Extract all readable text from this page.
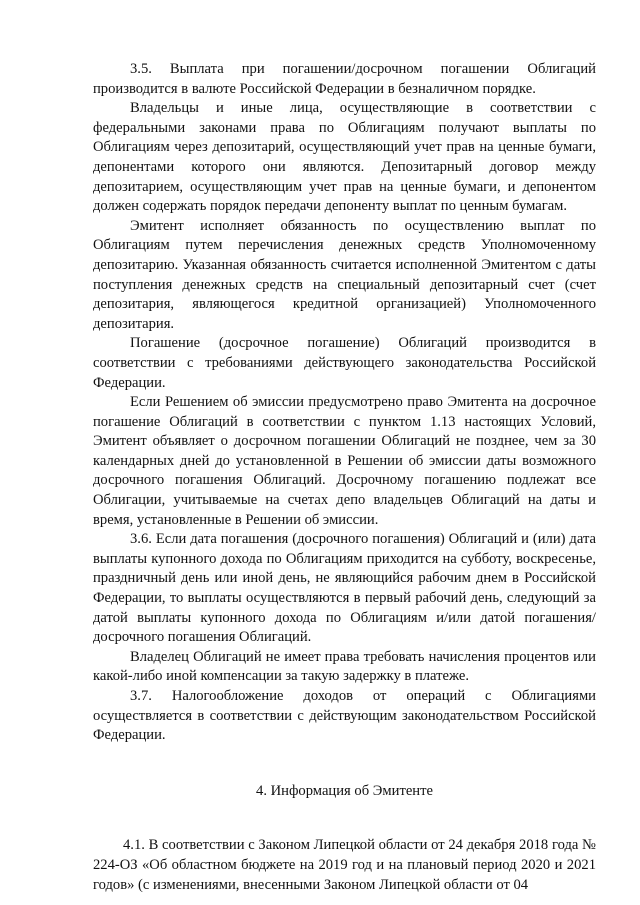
3.5. Выплата при погашении/досрочном погашении Облигаций производится в валюте Российской Федерации в безналичном порядке.

Владельцы и иные лица, осуществляющие в соответствии с федеральными законами права по Облигациям получают выплаты по Облигациям через депозитарий, осуществляющий учет прав на ценные бумаги, депонентами которого они являются. Депозитарный договор между депозитарием, осуществляющим учет прав на ценные бумаги, и депонентом должен содержать порядок передачи депоненту выплат по ценным бумагам.

Эмитент исполняет обязанность по осуществлению выплат по Облигациям путем перечисления денежных средств Уполномоченному депозитарию. Указанная обязанность считается исполненной Эмитентом с даты поступления денежных средств на специальный депозитарный счет (счет депозитария, являющегося кредитной организацией) Уполномоченного депозитария.

Погашение (досрочное погашение) Облигаций производится в соответствии с требованиями действующего законодательства Российской Федерации.

Если Решением об эмиссии предусмотрено право Эмитента на досрочное погашение Облигаций в соответствии с пунктом 1.13 настоящих Условий, Эмитент объявляет о досрочном погашении Облигаций не позднее, чем за 30 календарных дней до установленной в Решении об эмиссии даты возможного досрочного погашения Облигаций. Досрочному погашению подлежат все Облигации, учитываемые на счетах депо владельцев Облигаций на даты и время, установленные в Решении об эмиссии.

3.6. Если дата погашения (досрочного погашения) Облигаций и (или) дата выплаты купонного дохода по Облигациям приходится на субботу, воскресенье, праздничный день или иной день, не являющийся рабочим днем в Российской Федерации, то выплаты осуществляются в первый рабочий день, следующий за датой выплаты купонного дохода по Облигациям и/или датой погашения/досрочного погашения Облигаций.

Владелец Облигаций не имеет права требовать начисления процентов или какой-либо иной компенсации за такую задержку в платеже.

3.7. Налогообложение доходов от операций с Облигациями осуществляется в соответствии с действующим законодательством Российской Федерации.

4. Информация об Эмитенте

4.1. В соответствии с Законом Липецкой области от 24 декабря 2018 года № 224-ОЗ «Об областном бюджете на 2019 год и на плановый период 2020 и 2021 годов» (с изменениями, внесенными Законом Липецкой области от 04
